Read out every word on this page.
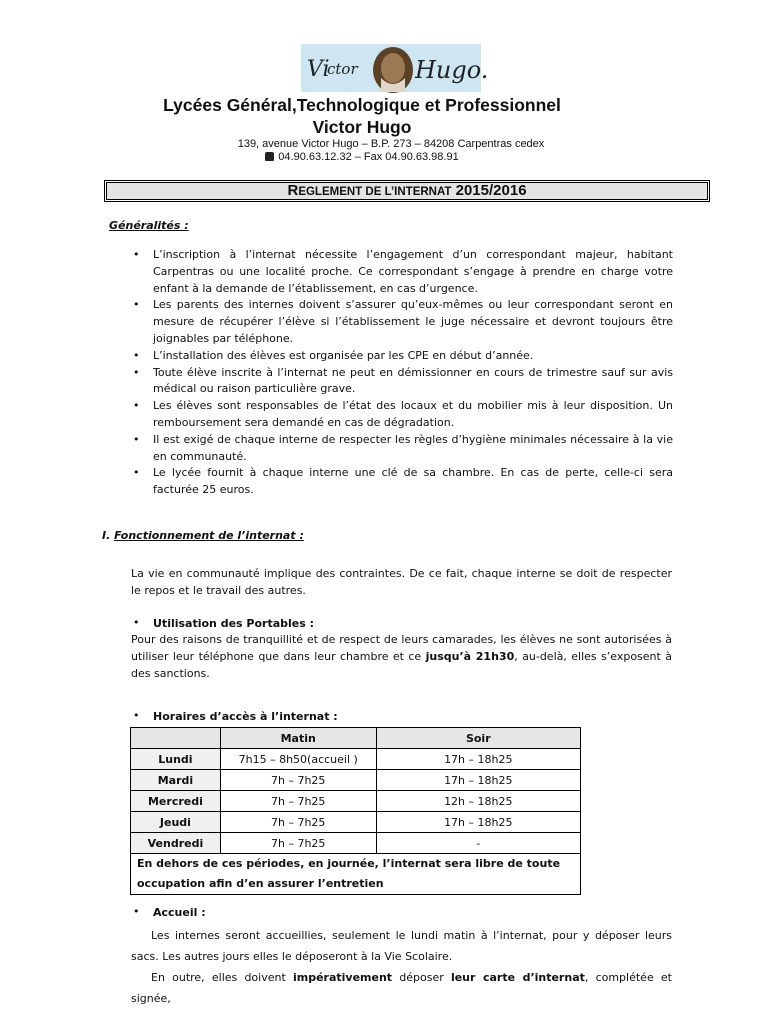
Vi
ctor Hugo.
Lycées Général,Technologique et Professionnel
Victor Hugo
139, avenue Victor Hugo – B.P. 273 – 84208 Carpentras cedex
04.90.63.12.32 – Fax 04.90.63.98.91
REGLEMENT DE L’INTERNAT 2015/2016
Généralités :
• L’inscription à l’internat nécessite l’engagement d’un correspondant majeur, habitant Carpentras ou une localité proche. Ce correspondant s’engage à prendre en charge votre enfant à la demande de l’établissement, en cas d’urgence.
• Les parents des internes doivent s’assurer qu’eux-mêmes ou leur correspondant seront en mesure de récupérer l’élève si l’établissement le juge nécessaire et devront toujours être joignables par téléphone.
• L’installation des élèves est organisée par les CPE en début d’année.
• Toute élève inscrite à l’internat ne peut en démissionner en cours de trimestre sauf sur avis médical ou raison particulière grave.
• Les élèves sont responsables de l’état des locaux et du mobilier mis à leur disposition. Un remboursement sera demandé en cas de dégradation.
• Il est exigé de chaque interne de respecter les règles d’hygiène minimales nécessaire à la vie en communauté.
• Le lycée fournit à chaque interne une clé de sa chambre. En cas de perte, celle-ci sera facturée 25 euros.
I. Fonctionnement de l’internat :
La vie en communauté implique des contraintes. De ce fait, chaque interne se doit de respecter le repos et le travail des autres.
• Utilisation des Portables :
Pour des raisons de tranquillité et de respect de leurs camarades, les élèves ne sont autorisées à utiliser leur téléphone que dans leur chambre et ce jusqu’à 21h30, au-delà, elles s’exposent à des sanctions.
• Horaires d’accès à l’internat :
	Matin	Soir
Lundi	7h15 – 8h50(accueil )	17h – 18h25
Mardi	7h – 7h25	17h – 18h25
Mercredi	7h – 7h25	12h – 18h25
Jeudi	7h – 7h25	17h – 18h25
Vendredi	7h – 7h25	-

En dehors de ces périodes, en journée, l’internat sera libre de toute
occupation afin d’en assurer l’entretien		
• Accueil :
Les internes seront accueillies, seulement le lundi matin à l’internat, pour y déposer leurs sacs. Les autres jours elles le déposeront à la Vie Scolaire.
En outre, elles doivent impérativement déposer leur carte d’internat, complétée et signée,
